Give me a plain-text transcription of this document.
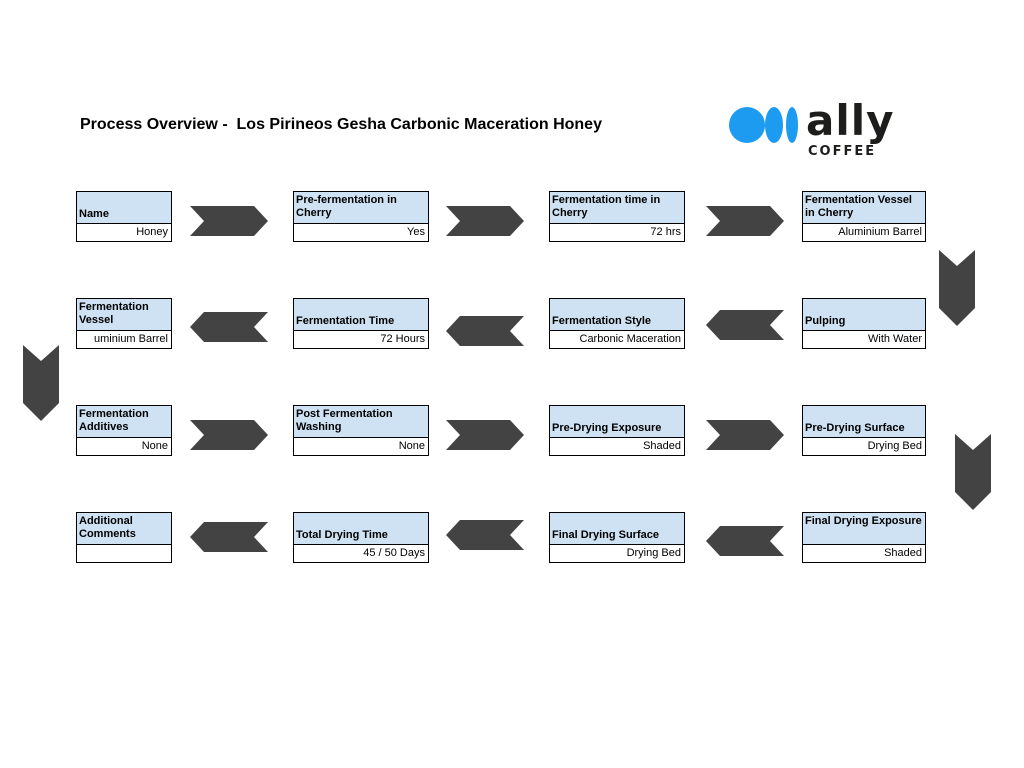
Process Overview -  Los Pirineos Gesha Carbonic Maceration Honey	ally
COFFEE
Name
Honey
Pre-fermentation in Cherry
Yes
Fermentation time in Cherry
72 hrs
Fermentation Vessel in Cherry
Aluminium Barrel
Pulping
With Water
Fermentation Style
Carbonic Maceration
Fermentation Time
72 Hours
Fermentation Vessel
uminium Barrel
Fermentation Additives
None
Post Fermentation Washing
None
Pre-Drying Exposure
Shaded
Pre-Drying Surface
Drying Bed
Final Drying Exposure
Shaded
Final Drying Surface
Drying Bed
Total Drying Time
45 / 50 Days
Additional Comments
